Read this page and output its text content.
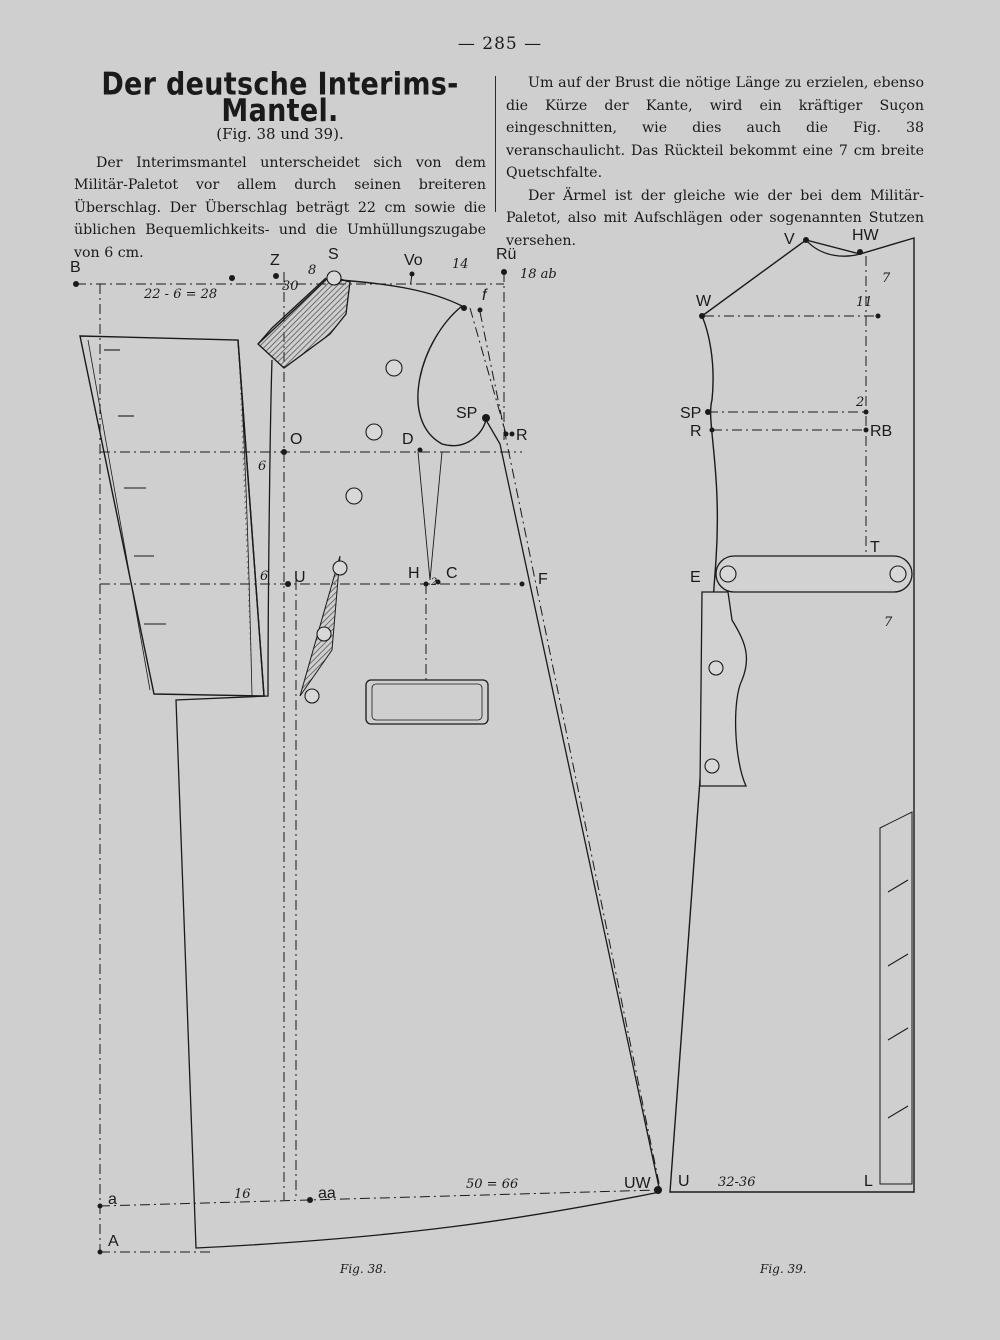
— 285 —
Der deutsche Interims-Mantel.
(Fig. 38 und 39).

Der Interimsmantel unterscheidet sich von dem Militär-Paletot vor allem durch seinen breiteren Überschlag. Der Überschlag beträgt 22 cm sowie die üblichen Bequemlichkeits- und die Umhüllungszugabe von 6 cm.

Um auf der Brust die nötige Länge zu erzielen, ebenso die Kürze der Kante, wird ein kräftiger Suçon eingeschnitten, wie dies auch die Fig. 38 veranschaulicht. Das Rückteil bekommt eine 7 cm breite Quetschfalte.

Der Ärmel ist der gleiche wie der bei dem Militär-Paletot, also mit Aufschlägen oder sogenannten Stutzen versehen.

B	Z	S	Vo	Rü
f
SP
R
O	D
U	H C	F
UW
a	aa
A
22 - 6 = 28
30
8	14
18 ab
6
6	2
16
50 = 66
V	HW
W
SP
R	RB
T
E
U	L
7
11
2
7
32-36
Fig. 38.	Fig. 39.
